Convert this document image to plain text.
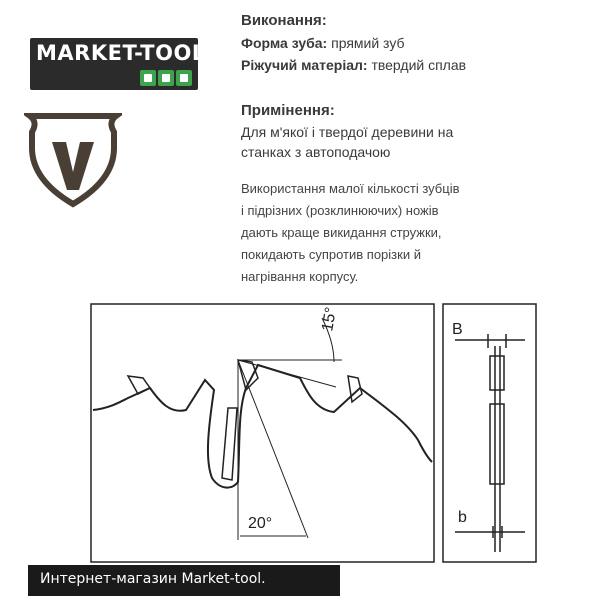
MARKET-TOOL
Виконання:
Форма зуба: прямий зуб
Ріжучий матеріал: твердий сплав
Примінення:
Для м'якої і твердої деревини на
станках з автоподачою
Використання малої кількості зубців
і підрізних (розклинюючих) ножів
дають краще викидання стружки,
покидають супротив порізки й
нагрівання корпусу.
15°
20°
B
b
Интернет-магазин Market-tool.
